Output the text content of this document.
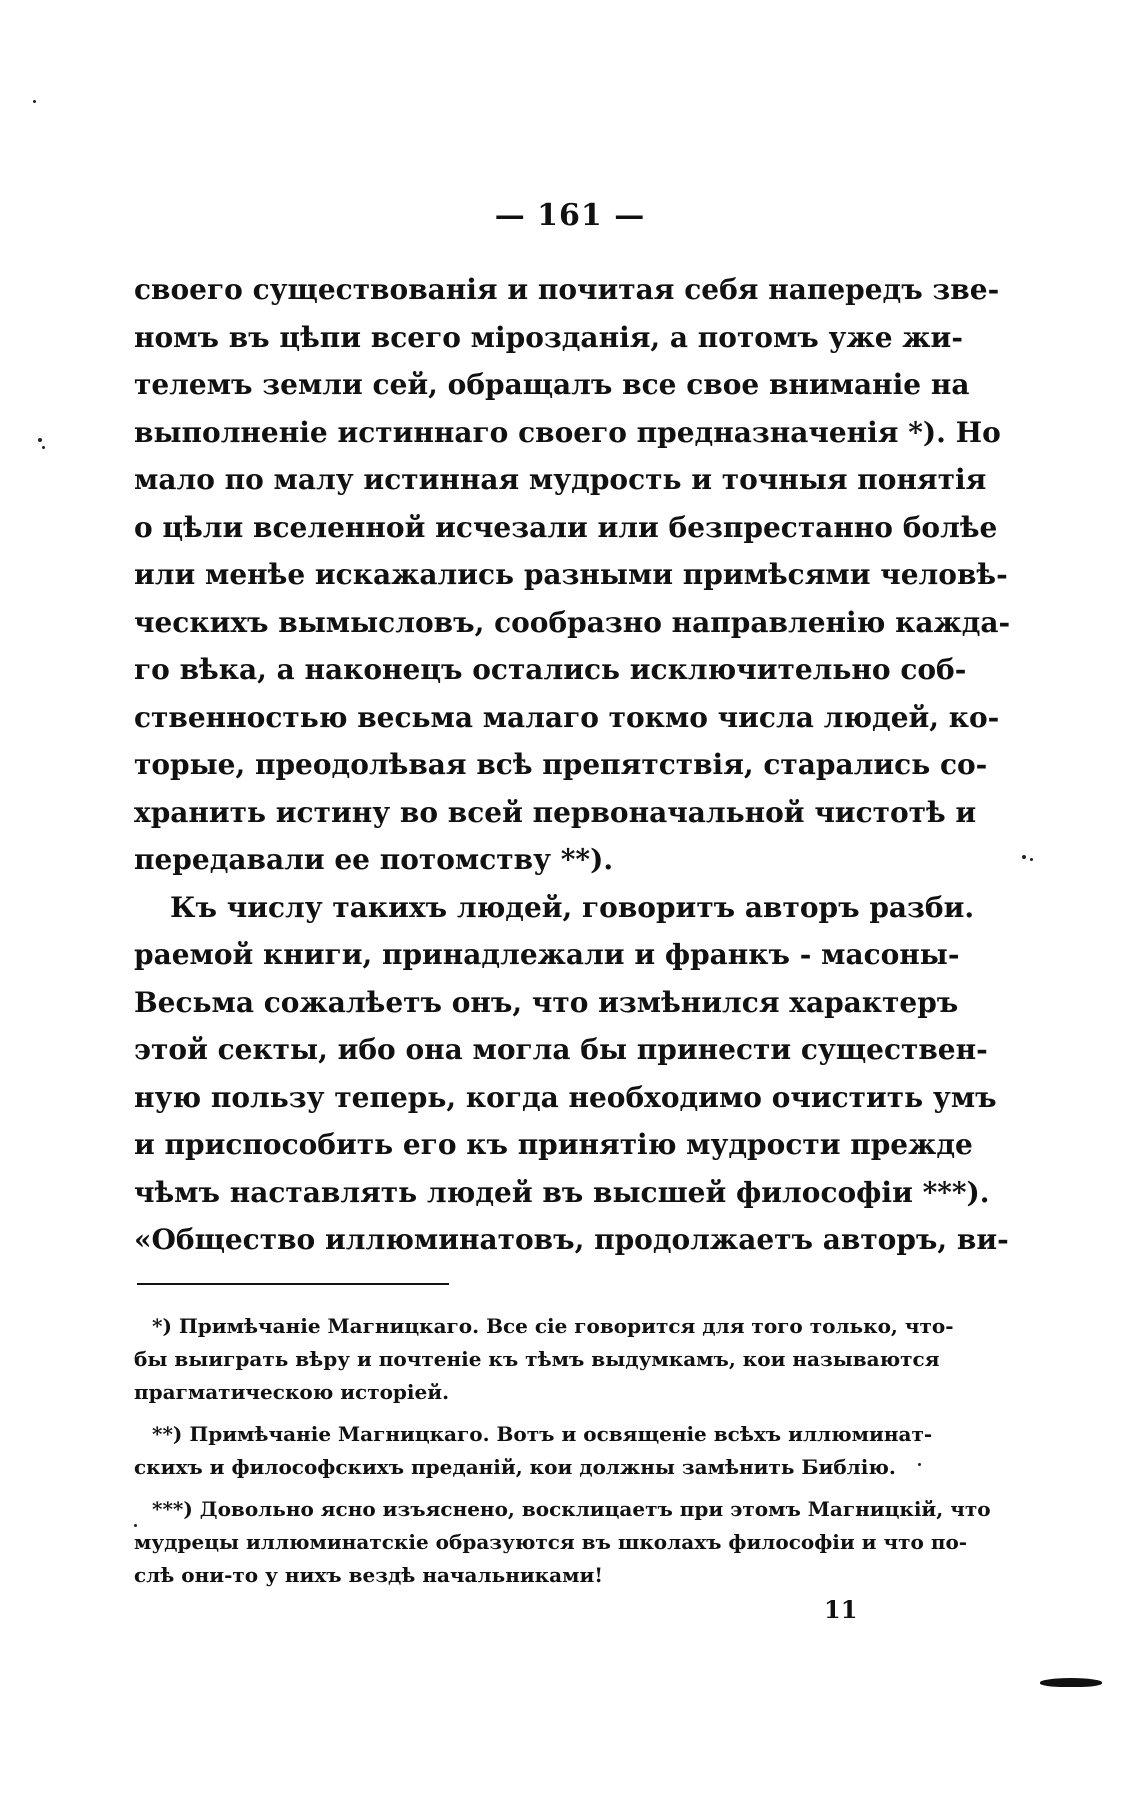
— 161 —
своего существованія и почитая себя напередъ зве-
номъ въ цѣпи всего мірозданія, а потомъ уже жи-
телемъ земли сей, обращалъ все свое вниманіе на
выполненіе истиннаго своего предназначенія *). Но
мало по малу истинная мудрость и точныя понятія
о цѣли вселенной исчезали или безпрестанно болѣе
или менѣе искажались разными примѣсями человѣ-
ческихъ вымысловъ, сообразно направленію кажда-
го вѣка, а наконецъ остались исключительно соб-
ственностью весьма малаго токмо числа людей, ко-
торые, преодолѣвая всѣ препятствія, старались со-
хранить истину во всей первоначальной чистотѣ и
передавали ее потомству **).
Къ числу такихъ людей, говоритъ авторъ разби.
раемой книги, принадлежали и франкъ - масоны-
Весьма сожалѣетъ онъ, что измѣнился характеръ
этой секты, ибо она могла бы принести существен-
ную пользу теперь, когда необходимо очистить умъ
и приспособить его къ принятію мудрости прежде
чѣмъ наставлять людей въ высшей философіи ***).
«Общество иллюминатовъ, продолжаетъ авторъ, ви-
*) Примѣчаніе Магницкаго. Все сіе говорится для того только, что-
бы выиграть вѣру и почтеніе къ тѣмъ выдумкамъ, кои называются
прагматическою исторіей.
**) Примѣчаніе Магницкаго. Вотъ и освященіе всѣхъ иллюминат-
скихъ и философскихъ преданій, кои должны замѣнить Библію.
***) Довольно ясно изъяснено, восклицаетъ при этомъ Магницкій, что
мудрецы иллюминатскіе образуются въ школахъ философіи и что по-
слѣ они-то у нихъ вездѣ начальниками!
11
